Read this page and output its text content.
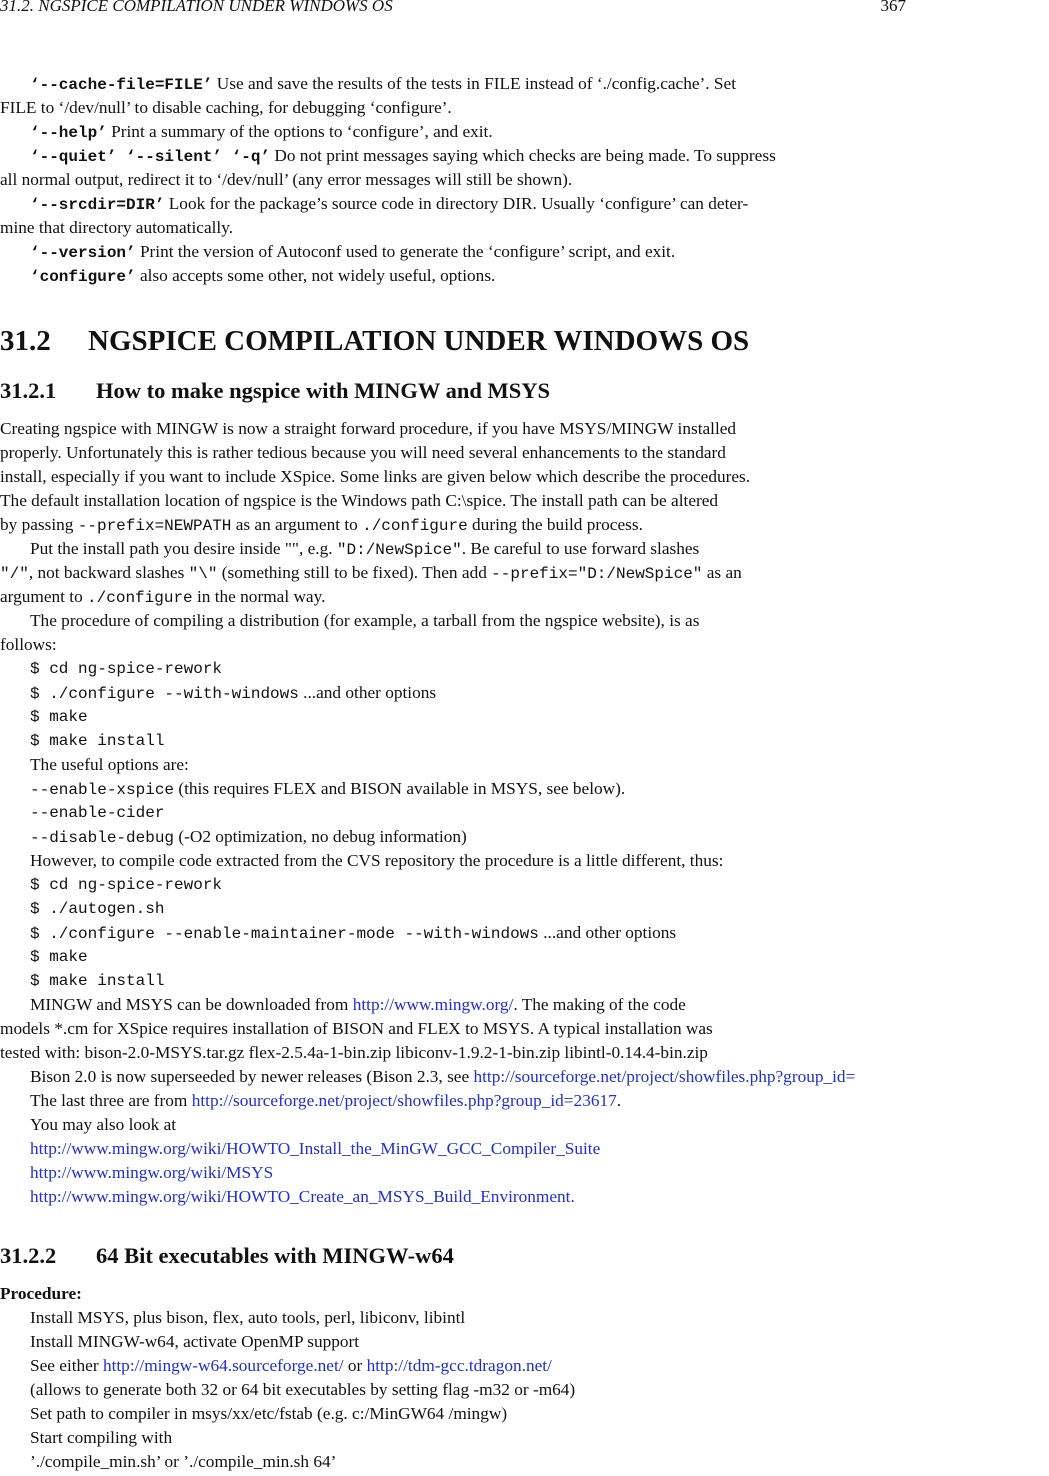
31.2. NGSPICE COMPILATION UNDER WINDOWS OS	367
‘--cache-file=FILE’ Use and save the results of the tests in FILE instead of ‘./config.cache’. Set
FILE to ‘/dev/null’ to disable caching, for debugging ‘configure’.
‘--help’ Print a summary of the options to ‘configure’, and exit.
‘--quiet’ ‘--silent’ ‘-q’ Do not print messages saying which checks are being made. To suppress
all normal output, redirect it to ‘/dev/null’ (any error messages will still be shown).
‘--srcdir=DIR’ Look for the package’s source code in directory DIR. Usually ‘configure’ can deter-
mine that directory automatically.
‘--version’ Print the version of Autoconf used to generate the ‘configure’ script, and exit.
‘configure’ also accepts some other, not widely useful, options.
31.2 NGSPICE COMPILATION UNDER WINDOWS OS
31.2.1 How to make ngspice with MINGW and MSYS
Creating ngspice with MINGW is now a straight forward procedure, if you have MSYS/MINGW installed
properly. Unfortunately this is rather tedious because you will need several enhancements to the standard
install, especially if you want to include XSpice. Some links are given below which describe the procedures.
The default installation location of ngspice is the Windows path C:\spice. The install path can be altered
by passing --prefix=NEWPATH as an argument to ./configure during the build process.
Put the install path you desire inside "", e.g. "D:/NewSpice". Be careful to use forward slashes
"/", not backward slashes "\" (something still to be fixed). Then add --prefix="D:/NewSpice" as an
argument to ./configure in the normal way.
The procedure of compiling a distribution (for example, a tarball from the ngspice website), is as
follows:
$ cd ng-spice-rework
$ ./configure --with-windows ...and other options
$ make
$ make install
The useful options are:
--enable-xspice (this requires FLEX and BISON available in MSYS, see below).
--enable-cider
--disable-debug (-O2 optimization, no debug information)
However, to compile code extracted from the CVS repository the procedure is a little different, thus:
$ cd ng-spice-rework
$ ./autogen.sh
$ ./configure --enable-maintainer-mode --with-windows ...and other options
$ make
$ make install
MINGW and MSYS can be downloaded from http://www.mingw.org/. The making of the code
models *.cm for XSpice requires installation of BISON and FLEX to MSYS. A typical installation was
tested with: bison-2.0-MSYS.tar.gz flex-2.5.4a-1-bin.zip libiconv-1.9.2-1-bin.zip libintl-0.14.4-bin.zip
Bison 2.0 is now superseeded by newer releases (Bison 2.3, see http://sourceforge.net/project/showfiles.php?group_id=
The last three are from http://sourceforge.net/project/showfiles.php?group_id=23617.
You may also look at
http://www.mingw.org/wiki/HOWTO_Install_the_MinGW_GCC_Compiler_Suite
http://www.mingw.org/wiki/MSYS
http://www.mingw.org/wiki/HOWTO_Create_an_MSYS_Build_Environment.
31.2.2 64 Bit executables with MINGW-w64
Procedure:
Install MSYS, plus bison, flex, auto tools, perl, libiconv, libintl
Install MINGW-w64, activate OpenMP support
See either http://mingw-w64.sourceforge.net/ or http://tdm-gcc.tdragon.net/
(allows to generate both 32 or 64 bit executables by setting flag -m32 or -m64)
Set path to compiler in msys/xx/etc/fstab (e.g. c:/MinGW64 /mingw)
Start compiling with
’./compile_min.sh’ or ’./compile_min.sh 64’
